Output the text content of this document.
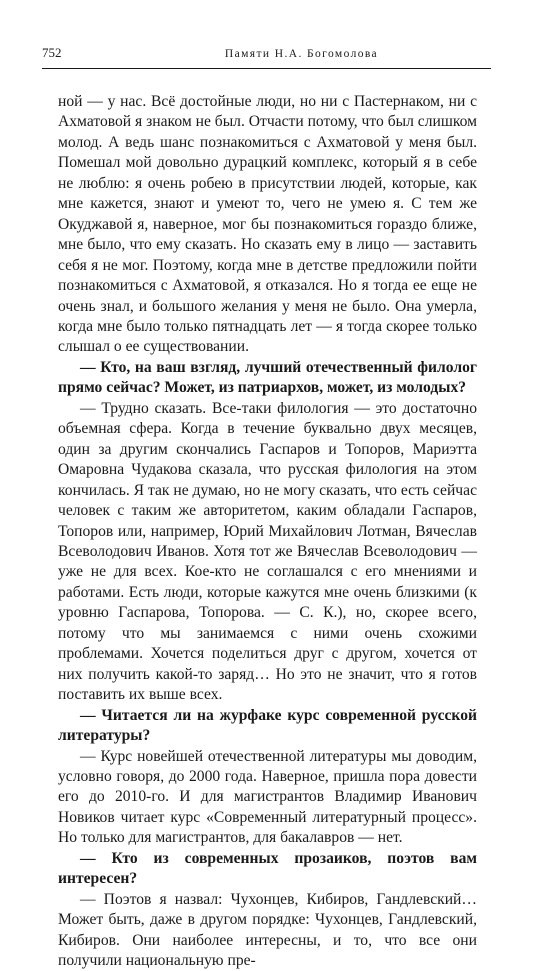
752	Памяти Н.А. Богомолова

ной — у нас. Всё достойные люди, но ни с Пастернаком, ни с Ахматовой я знаком не был. Отчасти потому, что был слишком молод. А ведь шанс познакомиться с Ахматовой у меня был. Помешал мой довольно дурацкий комплекс, который я в себе не люблю: я очень робею в присутствии людей, которые, как мне кажется, знают и умеют то, чего не умею я. С тем же Окуджавой я, наверное, мог бы познакомиться гораздо ближе, мне было, что ему сказать. Но сказать ему в лицо — заставить себя я не мог. Поэтому, когда мне в детстве предложили пойти познакомиться с Ахматовой, я отказался. Но я тогда ее еще не очень знал, и большого желания у меня не было. Она умерла, когда мне было только пятнадцать лет — я тогда скорее только слышал о ее существовании.

— Кто, на ваш взгляд, лучший отечественный филолог прямо сейчас? Может, из патриархов, может, из молодых?

— Трудно сказать. Все-таки филология — это достаточно объемная сфера. Когда в течение буквально двух месяцев, один за другим скончались Гаспаров и Топоров, Мариэтта Омаровна Чудакова сказала, что русская филология на этом кончилась. Я так не думаю, но не могу сказать, что есть сейчас человек с таким же авторитетом, каким обладали Гаспаров, Топоров или, например, Юрий Михайлович Лотман, Вячеслав Всеволодович Иванов. Хотя тот же Вячеслав Всеволодович — уже не для всех. Кое-кто не соглашался с его мнениями и работами. Есть люди, которые кажутся мне очень близкими (к уровню Гаспарова, Топорова. — С. К.), но, скорее всего, потому что мы занимаемся с ними очень схожими проблемами. Хочется поделиться друг с другом, хочется от них получить какой-то заряд… Но это не значит, что я готов поставить их выше всех.

— Читается ли на журфаке курс современной русской литературы?

— Курс новейшей отечественной литературы мы доводим, условно говоря, до 2000 года. Наверное, пришла пора довести его до 2010-го. И для магистрантов Владимир Иванович Новиков читает курс «Современный литературный процесс». Но только для магистрантов, для бакалавров — нет.

— Кто из современных прозаиков, поэтов вам интересен?

— Поэтов я назвал: Чухонцев, Кибиров, Гандлевский… Может быть, даже в другом порядке: Чухонцев, Гандлевский, Кибиров. Они наиболее интересны, и то, что все они получили национальную пре-
